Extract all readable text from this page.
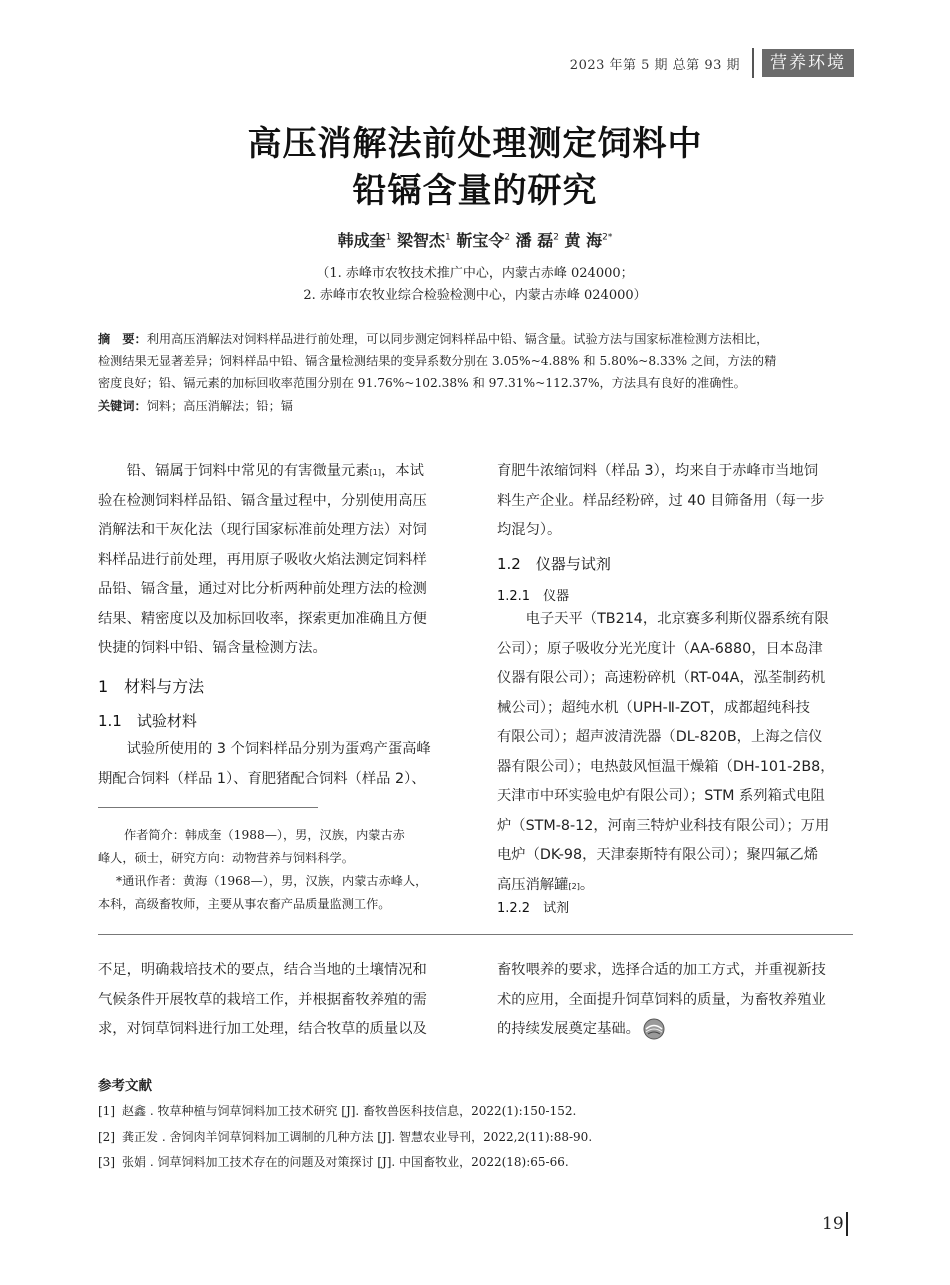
2023 年第 5 期 总第 93 期	营养环境
高压消解法前处理测定饲料中
铅镉含量的研究
韩成奎$^1$ 梁智杰$^1$ 靳宝令$^2$ 潘 磊$^2$ 黄 海$^{2*}$
（1. 赤峰市农牧技术推广中心，内蒙古赤峰 024000；
2. 赤峰市农牧业综合检验检测中心，内蒙古赤峰 024000）
摘　要：利用高压消解法对饲料样品进行前处理，可以同步测定饲料样品中铅、镉含量。试验方法与国家标准检测方法相比，
检测结果无显著差异；饲料样品中铅、镉含量检测结果的变异系数分别在 3.05%~4.88% 和 5.80%~8.33% 之间，方法的精
密度良好；铅、镉元素的加标回收率范围分别在 91.76%~102.38% 和 97.31%~112.37%，方法具有良好的准确性。
关键词：饲料；高压消解法；铅；镉

铅、镉属于饲料中常见的有害微量元素[1]，本试

验在检测饲料样品铅、镉含量过程中，分别使用高压

消解法和干灰化法（现行国家标准前处理方法）对饲

料样品进行前处理，再用原子吸收火焰法测定饲料样

品铅、镉含量，通过对比分析两种前处理方法的检测

结果、精密度以及加标回收率，探索更加准确且方便

快捷的饲料中铅、镉含量检测方法。

1　材料与方法
1.1　试验材料

试验所使用的 3 个饲料样品分别为蛋鸡产蛋高峰

期配合饲料（样品 1）、育肥猪配合饲料（样品 2）、

作者简介：韩成奎（1988—），男，汉族，内蒙古赤
峰人，硕士，研究方向：动物营养与饲料科学。
*通讯作者：黄海（1968—），男，汉族，内蒙古赤峰人，
本科，高级畜牧师，主要从事农畜产品质量监测工作。

育肥牛浓缩饲料（样品 3），均来自于赤峰市当地饲

料生产企业。样品经粉碎，过 40 目筛备用（每一步

均混匀）。

1.2　仪器与试剂
1.2.1　仪器

电子天平（TB214，北京赛多利斯仪器系统有限

公司）；原子吸收分光光度计（AA-6880，日本岛津

仪器有限公司）；高速粉碎机（RT-04A，泓荃制药机

械公司）；超纯水机（UPH-Ⅱ-ZOT，成都超纯科技

有限公司）；超声波清洗器（DL-820B，上海之信仪

器有限公司）；电热鼓风恒温干燥箱（DH-101-2B8，

天津市中环实验电炉有限公司）；STM 系列箱式电阻

炉（STM-8-12，河南三特炉业科技有限公司）；万用

电炉（DK-98，天津泰斯特有限公司）；聚四氟乙烯

高压消解罐[2]。

1.2.2　试剂

不足，明确栽培技术的要点，结合当地的土壤情况和

气候条件开展牧草的栽培工作，并根据畜牧养殖的需

求，对饲草饲料进行加工处理，结合牧草的质量以及

畜牧喂养的要求，选择合适的加工方式，并重视新技

术的应用，全面提升饲草饲料的质量，为畜牧养殖业

的持续发展奠定基础。

参考文献
[1] 赵鑫 . 牧草种植与饲草饲料加工技术研究 [J]. 畜牧兽医科技信息，2022(1):150-152.
[2] 龚正发 . 舍饲肉羊饲草饲料加工调制的几种方法 [J]. 智慧农业导刊，2022,2(11):88-90.
[3] 张娟 . 饲草饲料加工技术存在的问题及对策探讨 [J]. 中国畜牧业，2022(18):65-66.
19
